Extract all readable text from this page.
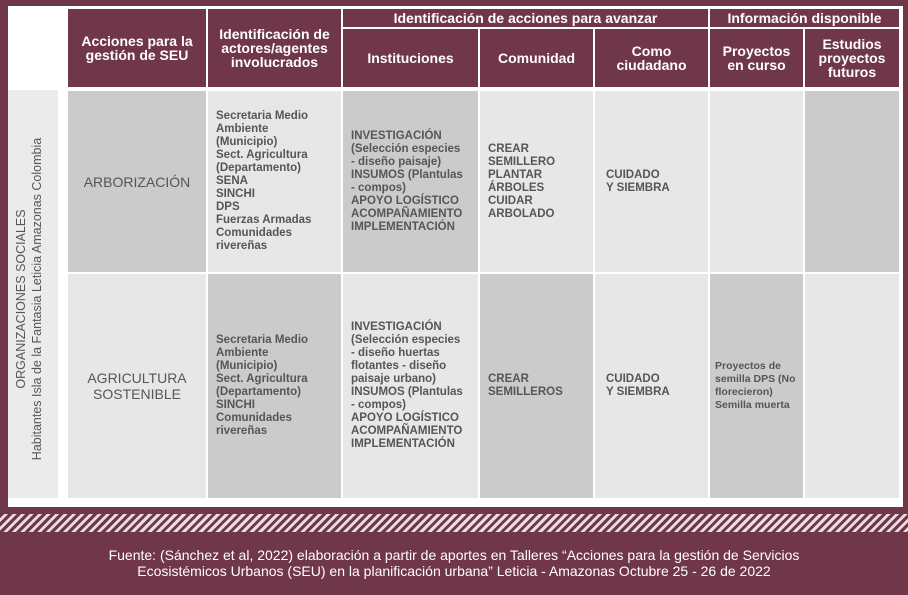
ORGANIZACIONES SOCIALES Habitantes Isla de la Fantasia Leticia Amazonas Colombia
Acciones para la gestión de SEU
Identificación de actores/agentes involucrados
Identificación de acciones para avanzar
Instituciones	Comunidad	Como ciudadano
Información disponible
Proyectos en curso
Estudios proyectos futuros
ARBORIZACIÓN
Secretaria Medio
Ambiente
(Municipio)
Sect. Agricultura
(Departamento)
SENA
SINCHI
DPS
Fuerzas Armadas
Comunidades
rivereñas
INVESTIGACIÓN
(Selección especies
- diseño paisaje)
INSUMOS (Plantulas
- compos)
APOYO LOGÍSTICO
ACOMPAÑAMIENTO
IMPLEMENTACIÓN
CREAR
SEMILLERO
PLANTAR
ÁRBOLES
CUIDAR
ARBOLADO
CUIDADO
Y SIEMBRA
AGRICULTURA SOSTENIBLE
Secretaria Medio
Ambiente
(Municipio)
Sect. Agricultura
(Departamento)
SINCHI
Comunidades
rivereñas
INVESTIGACIÓN
(Selección especies
- diseño huertas
flotantes - diseño
paisaje urbano)
INSUMOS (Plantulas
- compos)
APOYO LOGÍSTICO
ACOMPAÑAMIENTO
IMPLEMENTACIÓN
CREAR
SEMILLEROS
CUIDADO
Y SIEMBRA
Proyectos de
semilla DPS (No
florecieron)
Semilla muerta
Fuente: (Sánchez et al, 2022) elaboración a partir de aportes en Talleres “Acciones para la gestión de Servicios
Ecosistémicos Urbanos (SEU) en la planificación urbana” Leticia - Amazonas Octubre 25 - 26 de 2022
